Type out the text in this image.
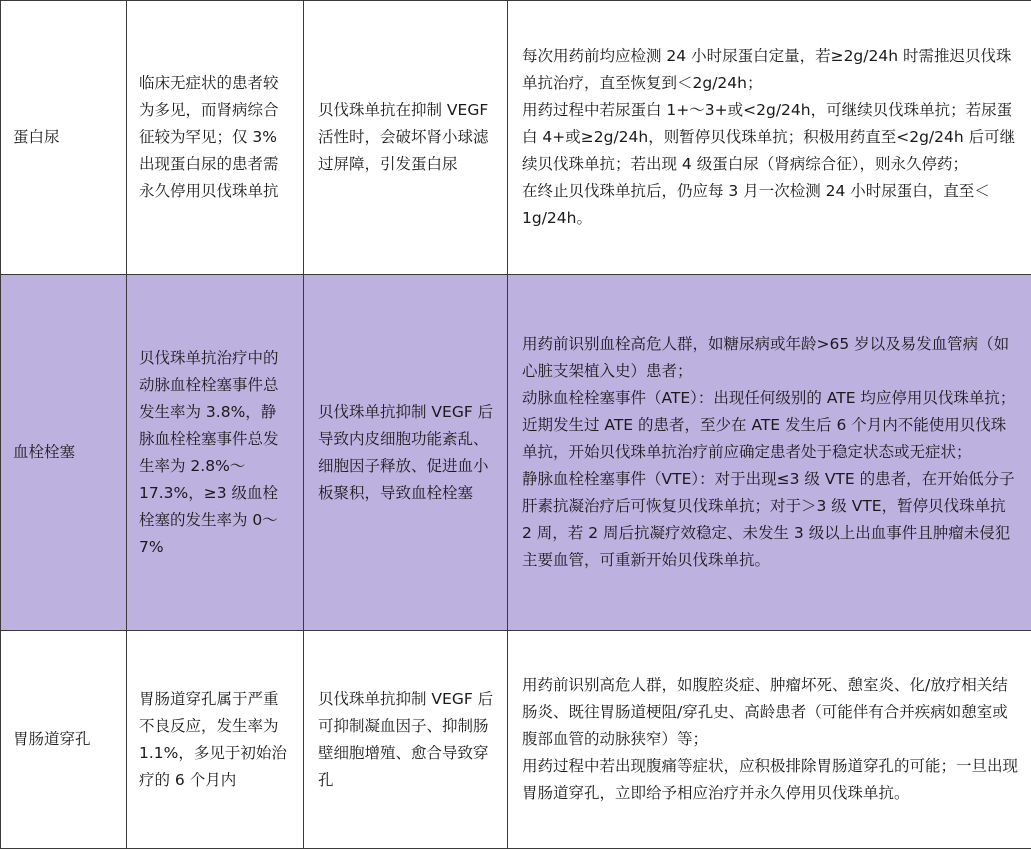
蛋白尿	临床无症状的患者较为多见，而肾病综合征较为罕见；仅 3%出现蛋白尿的患者需永久停用贝伐珠单抗	贝伐珠单抗在抑制 VEGF 活性时，会破坏肾小球滤过屏障，引发蛋白尿	每次用药前均应检测 24 小时尿蛋白定量，若≥2g/24h 时需推迟贝伐珠单抗治疗，直至恢复到＜2g/24h；
用药过程中若尿蛋白 1+～3+或<2g/24h，可继续贝伐珠单抗；若尿蛋白 4+或≥2g/24h，则暂停贝伐珠单抗；积极用药直至<2g/24h 后可继续贝伐珠单抗；若出现 4 级蛋白尿（肾病综合征），则永久停药；
在终止贝伐珠单抗后，仍应每 3 月一次检测 24 小时尿蛋白，直至＜1g/24h。

血栓栓塞	贝伐珠单抗治疗中的动脉血栓栓塞事件总发生率为 3.8%，静脉血栓栓塞事件总发生率为 2.8%～17.3%，≥3 级血栓栓塞的发生率为 0～7%	贝伐珠单抗抑制 VEGF 后导致内皮细胞功能紊乱、细胞因子释放、促进血小板聚积，导致血栓栓塞	用药前识别血栓高危人群，如糖尿病或年龄>65 岁以及易发血管病（如心脏支架植入史）患者；
动脉血栓栓塞事件（ATE）：出现任何级别的 ATE 均应停用贝伐珠单抗；近期发生过 ATE 的患者，至少在 ATE 发生后 6 个月内不能使用贝伐珠单抗，开始贝伐珠单抗治疗前应确定患者处于稳定状态或无症状；
静脉血栓栓塞事件（VTE）：对于出现≤3 级 VTE 的患者，在开始低分子肝素抗凝治疗后可恢复贝伐珠单抗；对于＞3 级 VTE，暂停贝伐珠单抗 2 周，若 2 周后抗凝疗效稳定、未发生 3 级以上出血事件且肿瘤未侵犯主要血管，可重新开始贝伐珠单抗。

胃肠道穿孔	胃肠道穿孔属于严重不良反应，发生率为 1.1%，多见于初始治疗的 6 个月内	贝伐珠单抗抑制 VEGF 后可抑制凝血因子、抑制肠壁细胞增殖、愈合导致穿孔	用药前识别高危人群，如腹腔炎症、肿瘤坏死、憩室炎、化/放疗相关结肠炎、既往胃肠道梗阻/穿孔史、高龄患者（可能伴有合并疾病如憩室或腹部血管的动脉狭窄）等；
用药过程中若出现腹痛等症状，应积极排除胃肠道穿孔的可能；一旦出现胃肠道穿孔，立即给予相应治疗并永久停用贝伐珠单抗。
